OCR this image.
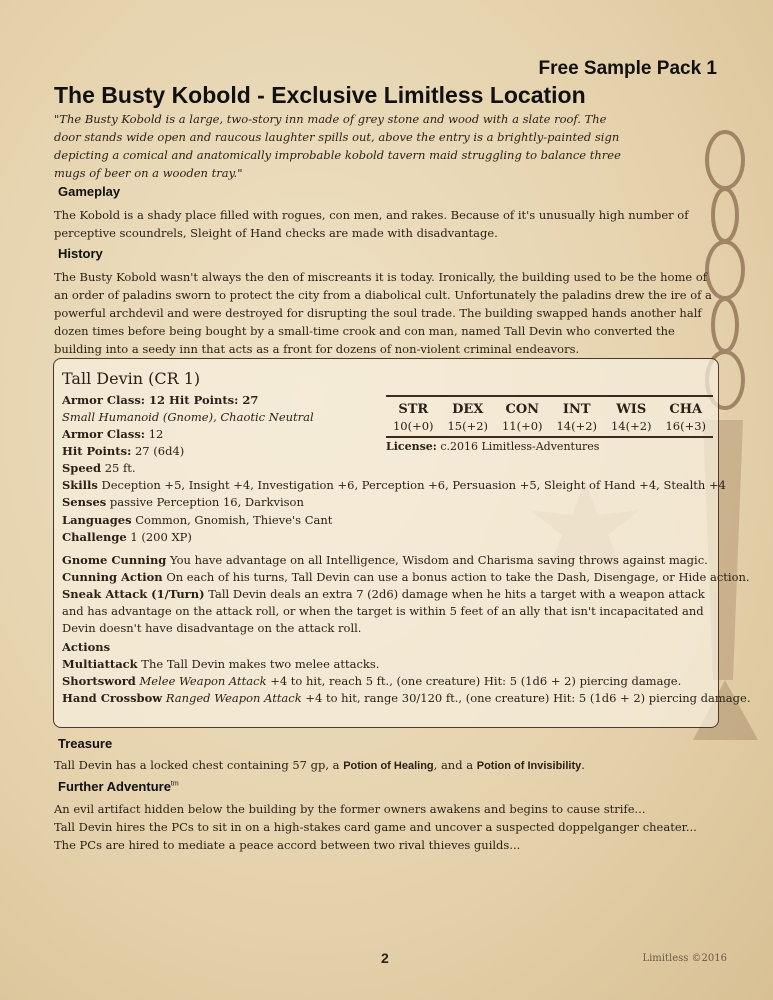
Free Sample Pack 1
The Busty Kobold - Exclusive Limitless Location

"The Busty Kobold is a large, two-story inn made of grey stone and wood with a slate roof. The door stands wide open and raucous laughter spills out, above the entry is a brightly-painted sign depicting a comical and anatomically improbable kobold tavern maid struggling to balance three mugs of beer on a wooden tray."

Gameplay

The Kobold is a shady place filled with rogues, con men, and rakes. Because of it's unusually high number of perceptive scoundrels, Sleight of Hand checks are made with disadvantage.

History

The Busty Kobold wasn't always the den of miscreants it is today. Ironically, the building used to be the home of an order of paladins sworn to protect the city from a diabolical cult. Unfortunately the paladins drew the ire of a powerful archdevil and were destroyed for disrupting the soul trade. The building swapped hands another half dozen times before being bought by a small-time crook and con man, named Tall Devin who converted the building into a seedy inn that acts as a front for dozens of non-violent criminal endeavors.

Tall Devin (CR 1)

Armor Class: 12 Hit Points: 27

Small Humanoid (Gnome), Chaotic Neutral

Armor Class: 12

Hit Points: 27 (6d4)

Speed 25 ft.

Skills Deception +5, Insight +4, Investigation +6, Perception +6, Persuasion +5, Sleight of Hand +4, Stealth +4

Senses passive Perception 16, Darkvison

Languages Common, Gnomish, Thieve's Cant

Challenge 1 (200 XP)

STR	DEX	CON	INT	WIS	CHA
10(+0)	15(+2)	11(+0)	14(+2)	14(+2)	16(+3)
License: c.2016 Limitless-Adventures

Gnome Cunning You have advantage on all Intelligence, Wisdom and Charisma saving throws against magic.

Cunning Action On each of his turns, Tall Devin can use a bonus action to take the Dash, Disengage, or Hide action.

Sneak Attack (1/Turn) Tall Devin deals an extra 7 (2d6) damage when he hits a target with a weapon attack and has advantage on the attack roll, or when the target is within 5 feet of an ally that isn't incapacitated and Devin doesn't have disadvantage on the attack roll.

Actions

Multiattack The Tall Devin makes two melee attacks.

Shortsword Melee Weapon Attack +4 to hit, reach 5 ft., (one creature) Hit: 5 (1d6 + 2) piercing damage.

Hand Crossbow Ranged Weapon Attack +4 to hit, range 30/120 ft., (one creature) Hit: 5 (1d6 + 2) piercing damage.

Treasure

Tall Devin has a locked chest containing 57 gp, a Potion of Healing, and a Potion of Invisibility.

Further Adventure$^{tm}$
An evil artifact hidden below the building by the former owners awakens and begins to cause strife...
Tall Devin hires the PCs to sit in on a high-stakes card game and uncover a suspected doppelganger cheater...
The PCs are hired to mediate a peace accord between two rival thieves guilds...
2	Limitless ©2016
